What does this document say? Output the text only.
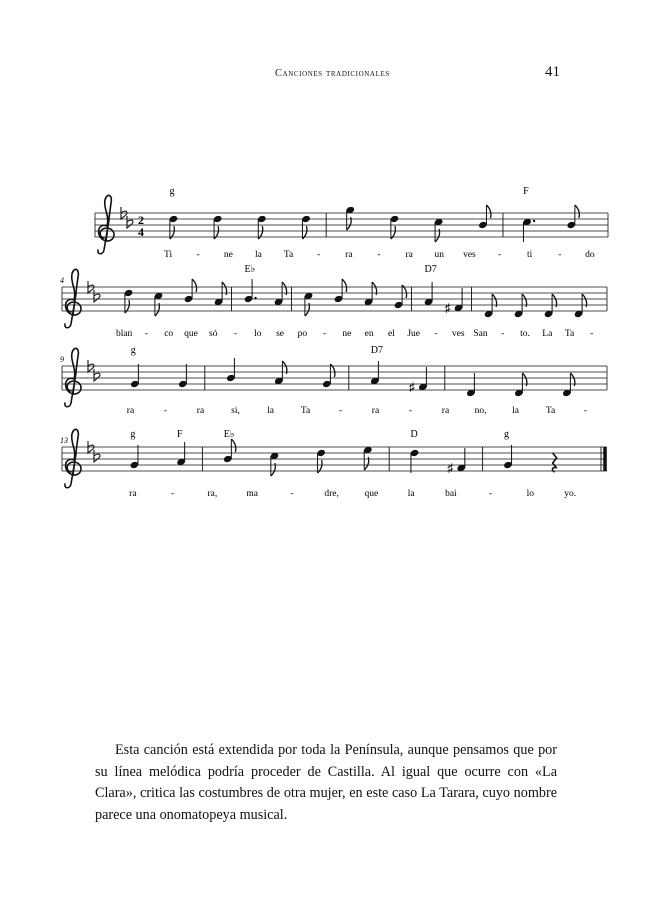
Canciones tradicionales	41
2
4
g	F
Ti	-	ne la Ta	-	ra	-	ra un ves -	ti	-	do
4
♯
E♭	D7
blan - co que só - lo se po - ne en el Jue - ves San - to. La Ta -
9
♯
g	D7
ra	-	ra	si,	la	Ta	-	ra	-	ra	no,	la	Ta	-
13
♯
g	F	E♭	D	g
ra	-	ra,	ma	-	dre,	que	la	bai	-	lo	yo.

Esta canción está extendida por toda la Península, aunque pensamos que por su línea melódica podría proceder de Castilla. Al igual que ocurre con «La Clara», critica las costumbres de otra mujer, en este caso La Tarara, cuyo nombre parece una onomatopeya musical.
